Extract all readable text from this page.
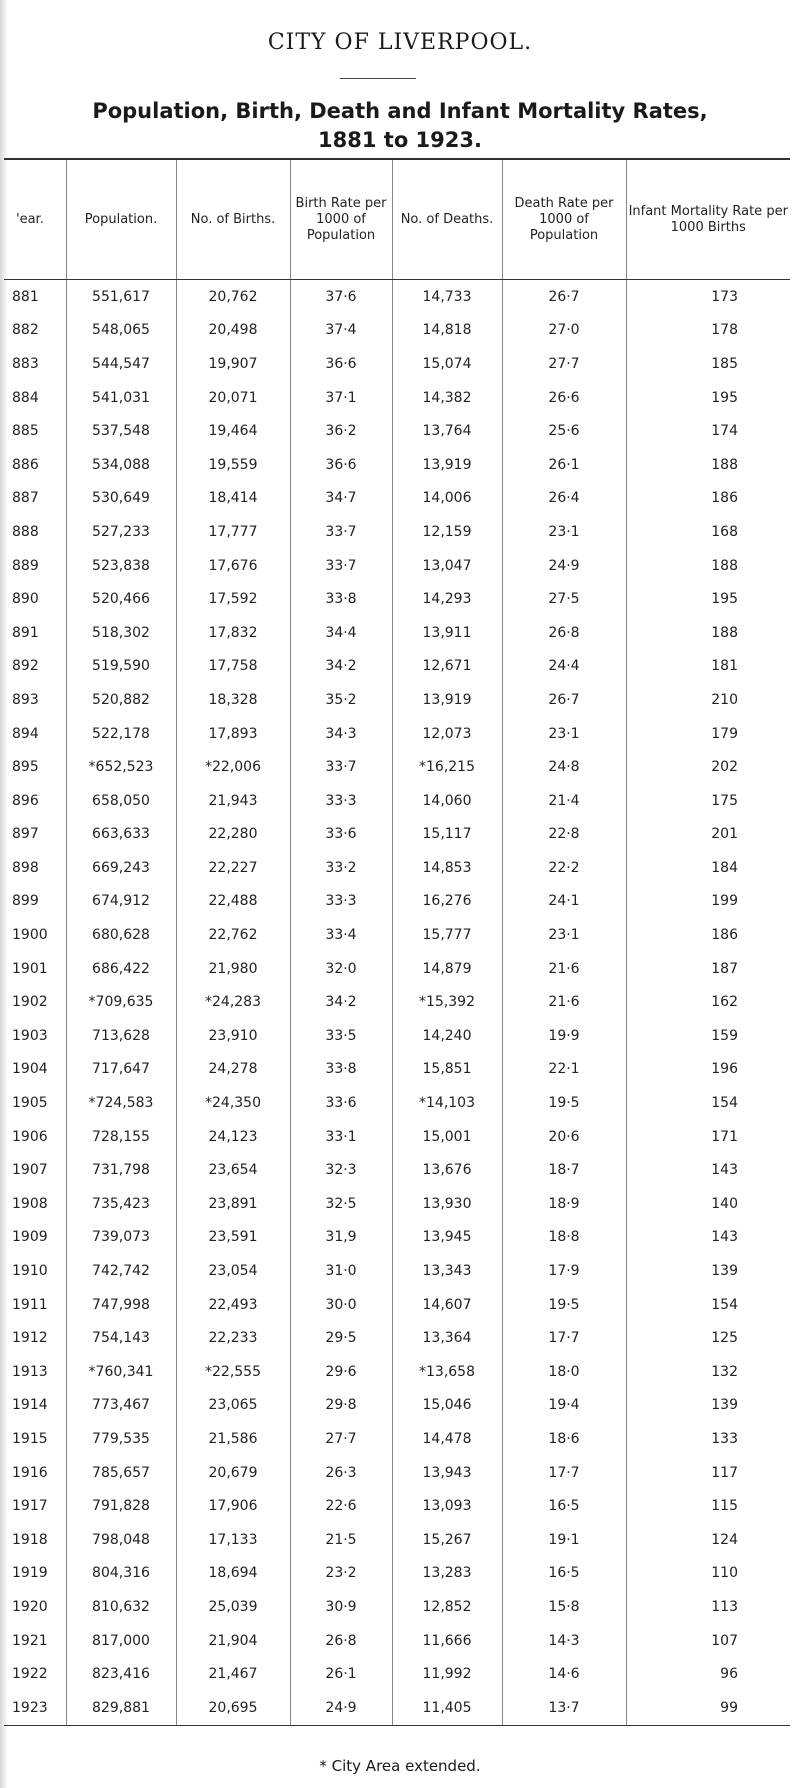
CITY OF LIVERPOOL.
Population, Birth, Death and Infant Mortality Rates,
1881 to 1923.
'ear.	Population.	No. of Births.	Birth Rate per 1000 of Population	No. of Deaths.	Death Rate per 1000 of Population	Infant Mortality Rate per 1000 Births
881	551,617	20,762	37·6	14,733	26·7	173
882	548,065	20,498	37·4	14,818	27·0	178
883	544,547	19,907	36·6	15,074	27·7	185
884	541,031	20,071	37·1	14,382	26·6	195
885	537,548	19,464	36·2	13,764	25·6	174
886	534,088	19,559	36·6	13,919	26·1	188
887	530,649	18,414	34·7	14,006	26·4	186
888	527,233	17,777	33·7	12,159	23·1	168
889	523,838	17,676	33·7	13,047	24·9	188
890	520,466	17,592	33·8	14,293	27·5	195
891	518,302	17,832	34·4	13,911	26·8	188
892	519,590	17,758	34·2	12,671	24·4	181
893	520,882	18,328	35·2	13,919	26·7	210
894	522,178	17,893	34·3	12,073	23·1	179
895	*652,523	*22,006	33·7	*16,215	24·8	202
896	658,050	21,943	33·3	14,060	21·4	175
897	663,633	22,280	33·6	15,117	22·8	201
898	669,243	22,227	33·2	14,853	22·2	184
899	674,912	22,488	33·3	16,276	24·1	199
1900	680,628	22,762	33·4	15,777	23·1	186
1901	686,422	21,980	32·0	14,879	21·6	187
1902	*709,635	*24,283	34·2	*15,392	21·6	162
1903	713,628	23,910	33·5	14,240	19·9	159
1904	717,647	24,278	33·8	15,851	22·1	196
1905	*724,583	*24,350	33·6	*14,103	19·5	154
1906	728,155	24,123	33·1	15,001	20·6	171
1907	731,798	23,654	32·3	13,676	18·7	143
1908	735,423	23,891	32·5	13,930	18·9	140
1909	739,073	23,591	31,9	13,945	18·8	143
1910	742,742	23,054	31·0	13,343	17·9	139
1911	747,998	22,493	30·0	14,607	19·5	154
1912	754,143	22,233	29·5	13,364	17·7	125
1913	*760,341	*22,555	29·6	*13,658	18·0	132
1914	773,467	23,065	29·8	15,046	19·4	139
1915	779,535	21,586	27·7	14,478	18·6	133
1916	785,657	20,679	26·3	13,943	17·7	117
1917	791,828	17,906	22·6	13,093	16·5	115
1918	798,048	17,133	21·5	15,267	19·1	124
1919	804,316	18,694	23·2	13,283	16·5	110
1920	810,632	25,039	30·9	12,852	15·8	113
1921	817,000	21,904	26·8	11,666	14·3	107
1922	823,416	21,467	26·1	11,992	14·6	96
1923	829,881	20,695	24·9	11,405	13·7	99
* City Area extended.
